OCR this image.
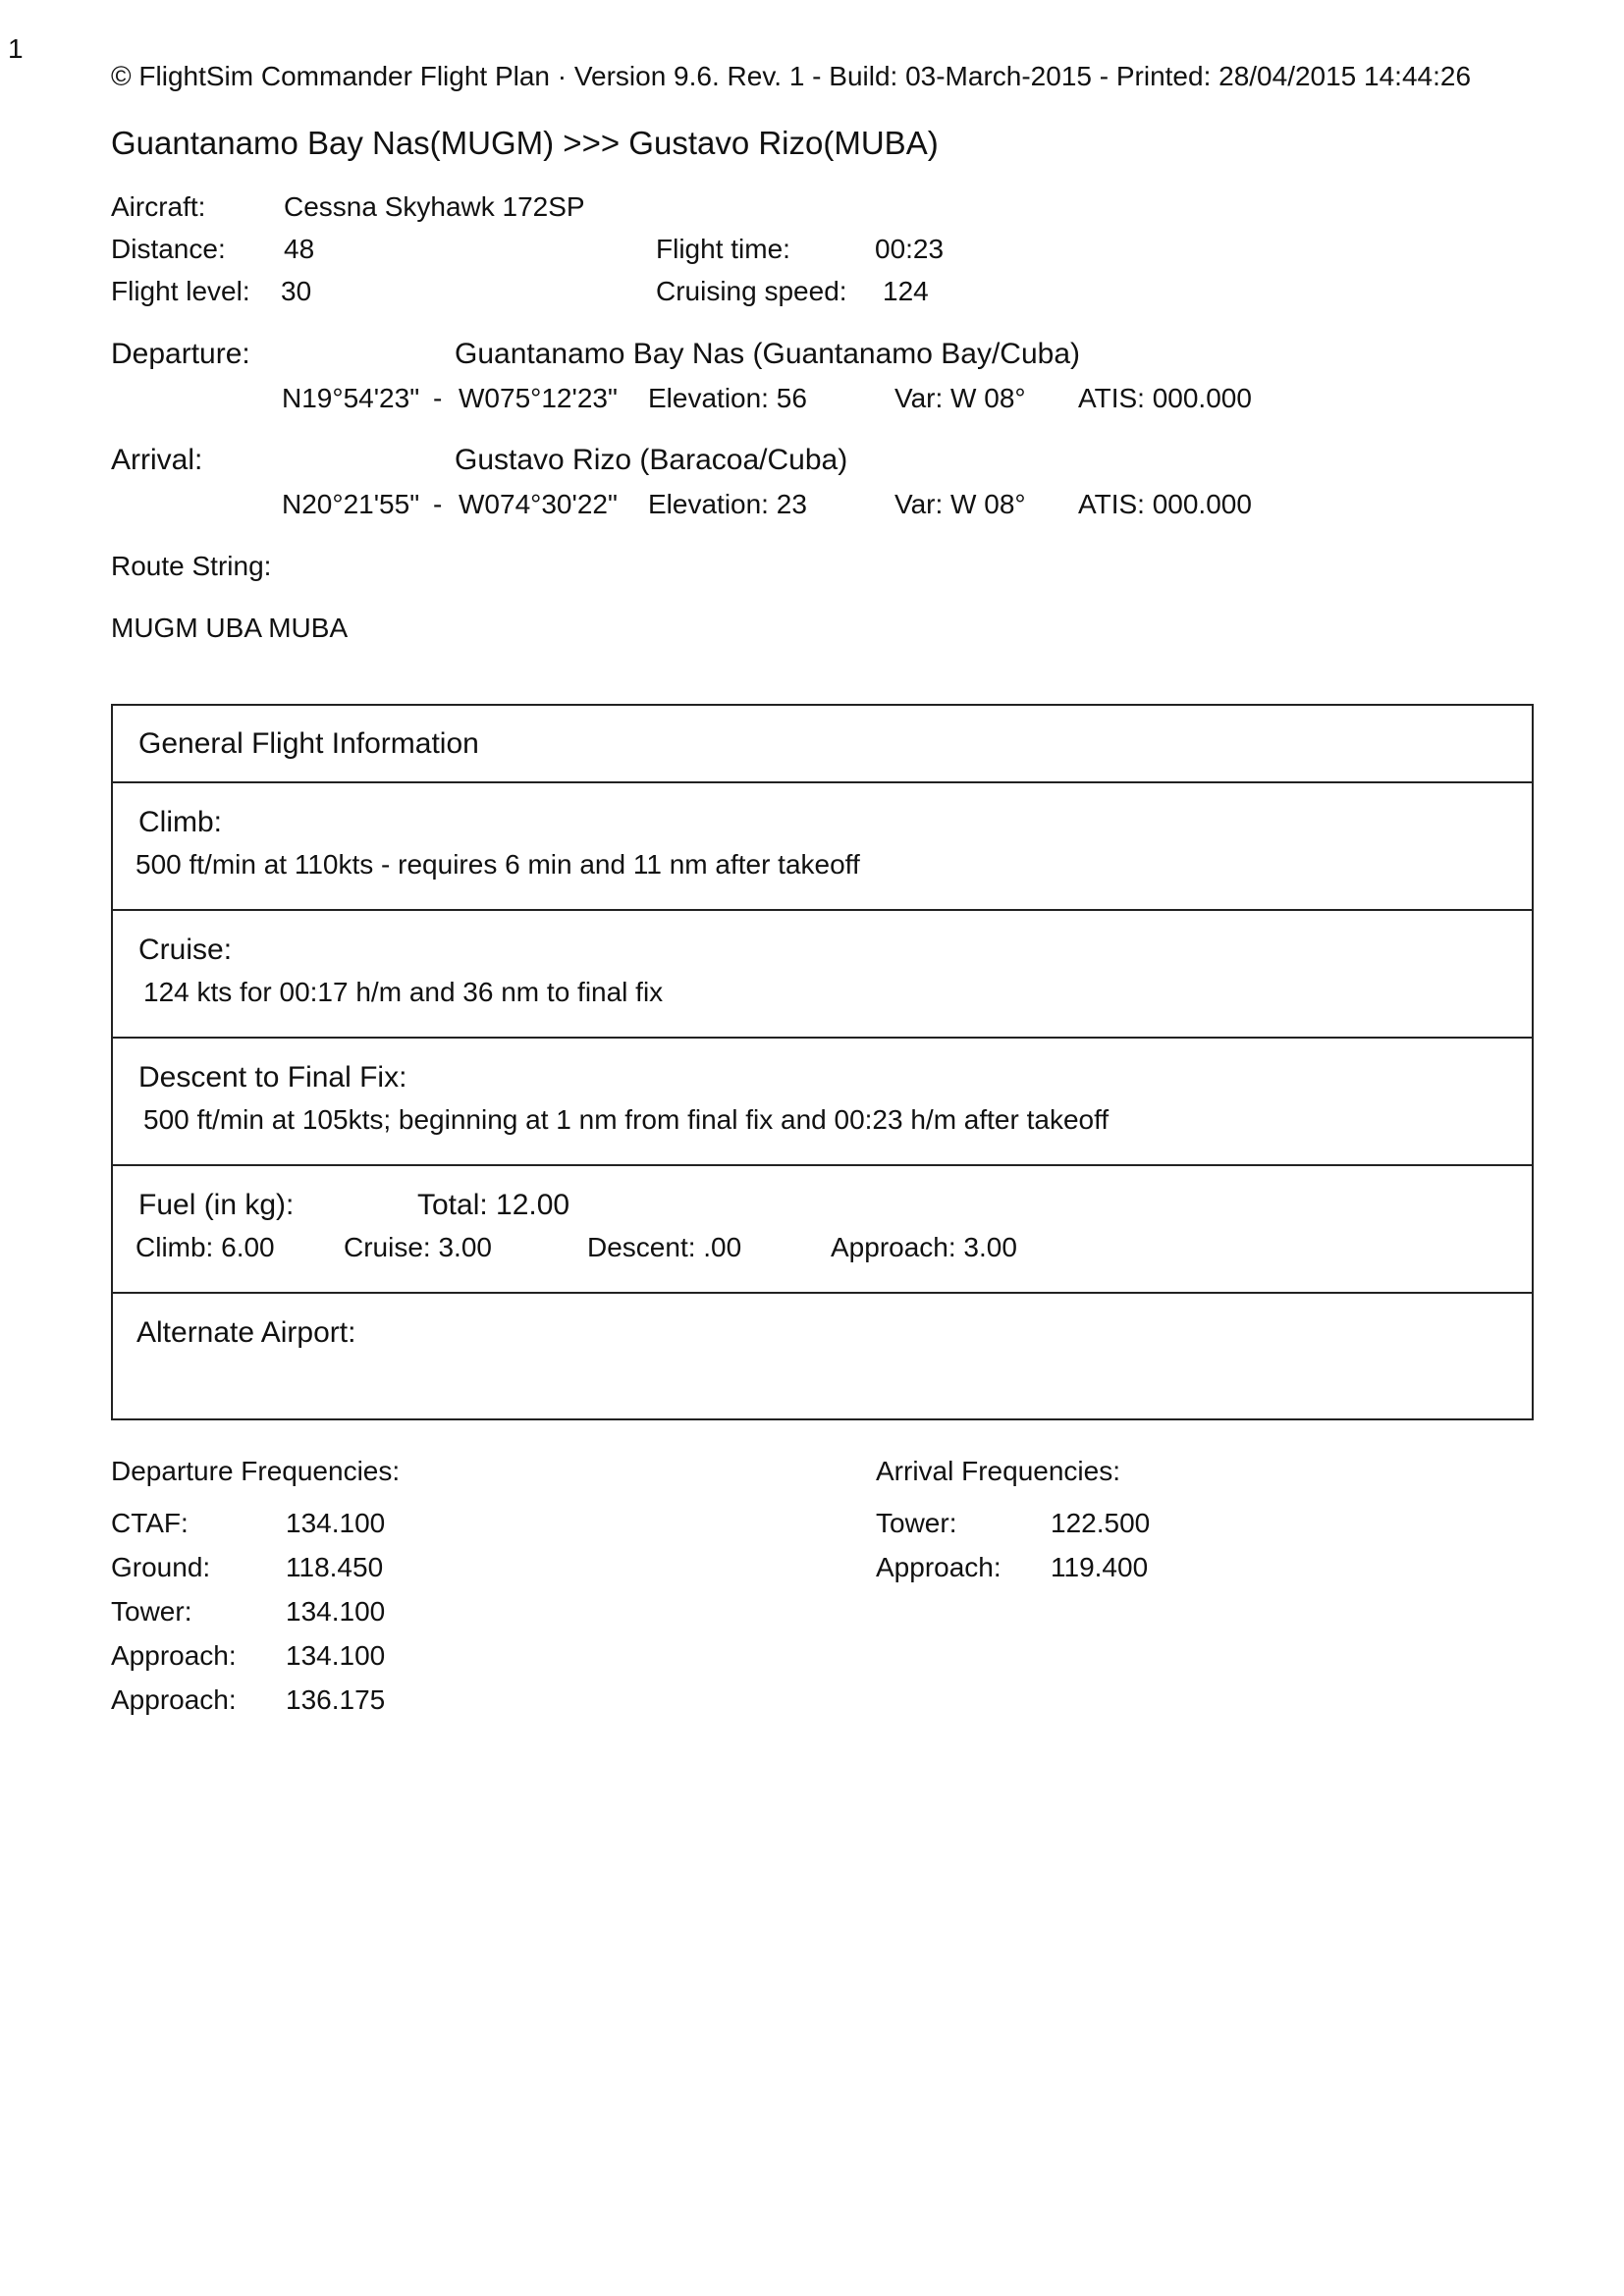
1
© FlightSim Commander Flight Plan · Version 9.6. Rev. 1 - Build: 03-March-2015 - Printed: 28/04/2015 14:44:26
Guantanamo Bay Nas(MUGM) >>> Gustavo Rizo(MUBA)
Aircraft:	Cessna Skyhawk 172SP
Distance: 48	Flight time:	00:23
Flight level: 30	Cruising speed: 124
Departure:	Guantanamo Bay Nas (Guantanamo Bay/Cuba)
N19°54'23" - W075°12'23" Elevation: 56	Var: W 08° ATIS: 000.000
Arrival:	Gustavo Rizo (Baracoa/Cuba)
N20°21'55" - W074°30'22" Elevation: 23	Var: W 08° ATIS: 000.000
Route String:
MUGM UBA MUBA
General Flight Information
Climb:
500 ft/min at 110kts - requires 6 min and 11 nm after takeoff
Cruise:
124 kts for 00:17 h/m and 36 nm to final fix
Descent to Final Fix:
500 ft/min at 105kts; beginning at 1 nm from final fix and 00:23 h/m after takeoff
Fuel (in kg):	Total: 12.00
Climb: 6.00	Cruise: 3.00	Descent: .00	Approach: 3.00
Alternate Airport:
Departure Frequencies:
CTAF:	134.100
Ground:	118.450
Tower:	134.100
Approach: 134.100
Approach: 136.175
Arrival Frequencies:
Tower:	122.500
Approach: 119.400
